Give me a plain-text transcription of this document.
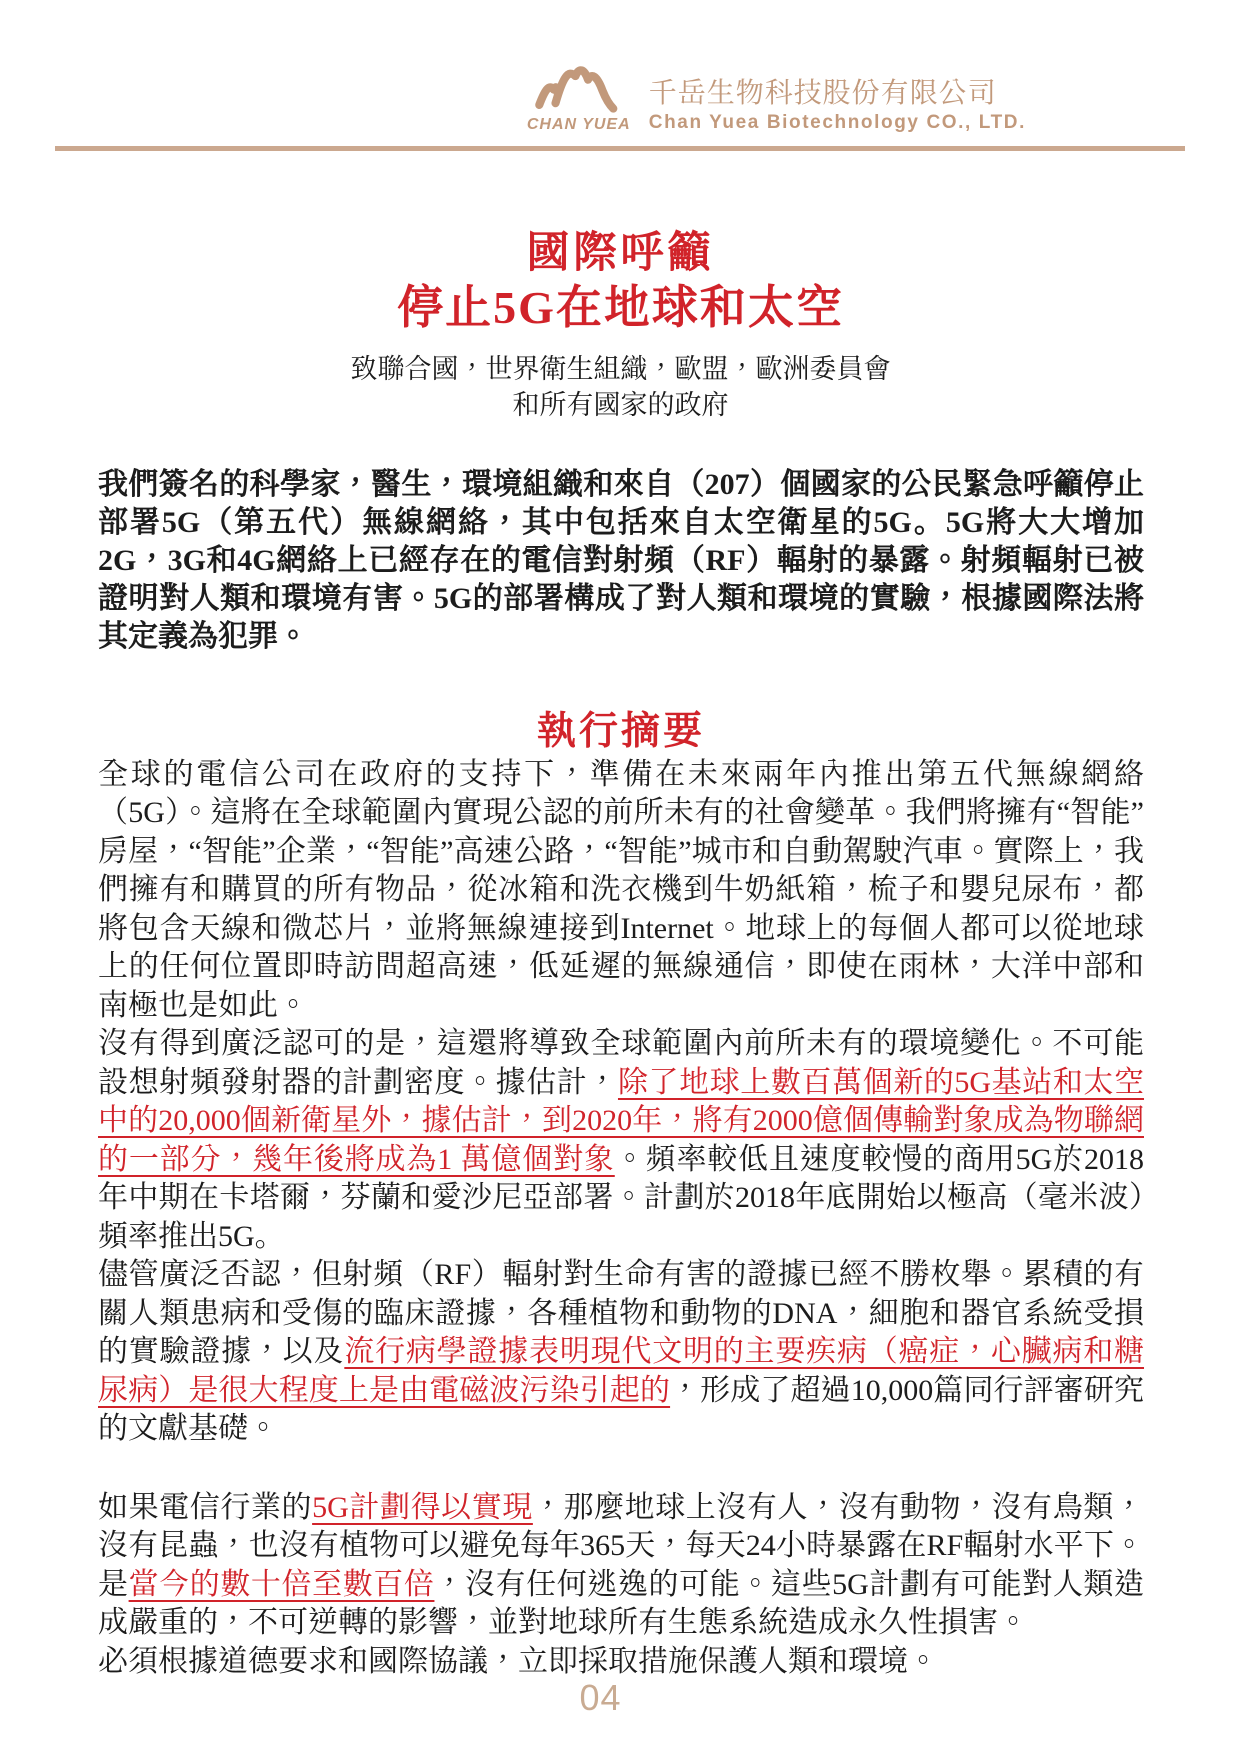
CHAN YUEA
千岳生物科技股份有限公司
Chan Yuea Biotechnology CO., LTD.
國際呼籲
停止5G在地球和太空
致聯合國，世界衛生組織，歐盟，歐洲委員會
和所有國家的政府

我們簽名的科學家，醫生，環境組織和來自（207）個國家的公民緊急呼籲停止部署5G（第五代）無線網絡，其中包括來自太空衛星的5G。5G將大大增加2G，3G和4G網絡上已經存在的電信對射頻（RF）輻射的暴露。射頻輻射已被證明對人類和環境有害。5G的部署構成了對人類和環境的實驗，根據國際法將其定義為犯罪。

執行摘要

全球的電信公司在政府的支持下，準備在未來兩年內推出第五代無線網絡（5G）。這將在全球範圍內實現公認的前所未有的社會變革。我們將擁有“智能”房屋，“智能”企業，“智能”高速公路，“智能”城市和自動駕駛汽車。實際上，我們擁有和購買的所有物品，從冰箱和洗衣機到牛奶紙箱，梳子和嬰兒尿布，都將包含天線和微芯片，並將無線連接到Internet。地球上的每個人都可以從地球上的任何位置即時訪問超高速，低延遲的無線通信，即使在雨林，大洋中部和南極也是如此。

沒有得到廣泛認可的是，這還將導致全球範圍內前所未有的環境變化。不可能設想射頻發射器的計劃密度。據估計，除了地球上數百萬個新的5G基站和太空中的20,000個新衛星外，據估計，到2020年，將有2000億個傳輸對象成為物聯網的一部分，幾年後將成為1 萬億個對象。頻率較低且速度較慢的商用5G於2018年中期在卡塔爾，芬蘭和愛沙尼亞部署。計劃於2018年底開始以極高（毫米波）頻率推出5G。

儘管廣泛否認，但射頻（RF）輻射對生命有害的證據已經不勝枚舉。累積的有關人類患病和受傷的臨床證據，各種植物和動物的DNA，細胞和器官系統受損的實驗證據，以及流行病學證據表明現代文明的主要疾病（癌症，心臟病和糖尿病）是很大程度上是由電磁波污染引起的，形成了超過10,000篇同行評審研究的文獻基礎。

如果電信行業的5G計劃得以實現，那麼地球上沒有人，沒有動物，沒有鳥類，沒有昆蟲，也沒有植物可以避免每年365天，每天24小時暴露在RF輻射水平下。是當今的數十倍至數百倍，沒有任何逃逸的可能。這些5G計劃有可能對人類造成嚴重的，不可逆轉的影響，並對地球所有生態系統造成永久性損害。

必須根據道德要求和國際協議，立即採取措施保護人類和環境。

04
